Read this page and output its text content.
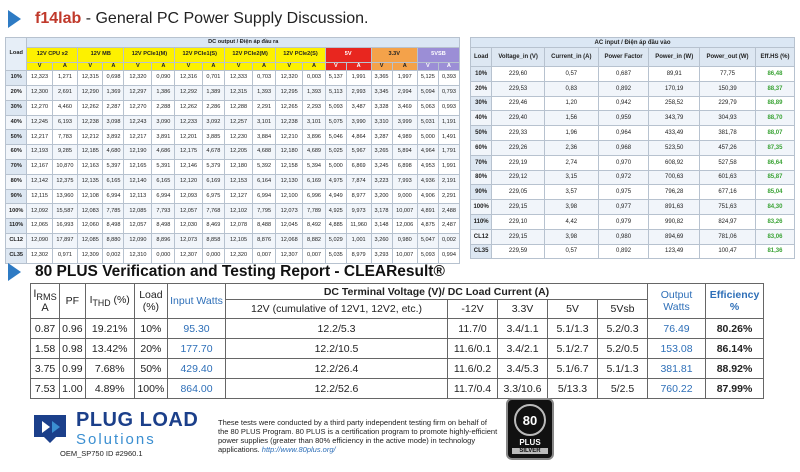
f14lab - General PC Power Supply Discussion.
Load	DC output / Điện áp đầu ra																	
	12V CPU x2		12V MB		12V PCIe1(M)		12V PCIe1(S)		12V PCIe2(M)		12V PCIe2(S)		5V		3.3V		5VSB	
	V	A	V	A	V	A	V	A	V	A	V	A	V	A	V	A	V	A
10%	12,323	1,271	12,315	0,698	12,320	0,090	12,316	0,701	12,333	0,703	12,320	0,003	5,137	1,991	3,365	1,997	5,125	0,393
20%	12,300	2,691	12,290	1,369	12,297	1,386	12,292	1,389	12,315	1,393	12,295	1,393	5,113	2,993	3,345	2,994	5,094	0,793
30%	12,270	4,460	12,262	2,287	12,270	2,288	12,262	2,286	12,288	2,291	12,265	2,293	5,093	3,487	3,328	3,469	5,063	0,993
40%	12,245	6,193	12,238	3,098	12,243	3,090	12,233	3,092	12,257	3,101	12,238	3,101	5,075	3,990	3,310	3,999	5,031	1,191
50%	12,217	7,783	12,212	3,892	12,217	3,891	12,201	3,885	12,230	3,884	12,210	3,896	5,046	4,864	3,287	4,989	5,000	1,491
60%	12,193	9,285	12,185	4,680	12,190	4,686	12,175	4,678	12,205	4,688	12,180	4,689	5,025	5,967	3,265	5,894	4,964	1,791
70%	12,167	10,870	12,163	5,397	12,165	5,391	12,146	5,379	12,180	5,392	12,158	5,394	5,000	6,869	3,245	6,898	4,953	1,991
80%	12,142	12,375	12,135	6,165	12,140	6,165	12,120	6,169	12,153	6,164	12,130	6,169	4,975	7,874	3,223	7,993	4,936	2,191
90%	12,115	13,960	12,108	6,994	12,113	6,994	12,093	6,975	12,127	6,994	12,100	6,996	4,949	8,977	3,200	9,000	4,906	2,291
100%	12,092	15,587	12,083	7,785	12,085	7,793	12,057	7,768	12,102	7,795	12,073	7,789	4,925	9,973	3,178	10,007	4,891	2,488
110%	12,065	16,993	12,060	8,498	12,057	8,498	12,030	8,469	12,078	8,488	12,045	8,492	4,885	11,960	3,148	12,006	4,875	2,487
CL12	12,090	17,897	12,085	8,880	12,090	8,896	12,073	8,858	12,105	8,876	12,068	8,882	5,029	1,001	3,260	0,980	5,047	0,002
CL35	12,302	0,971	12,309	0,002	12,310	0,000	12,307	0,000	12,320	0,007	12,307	0,007	5,035	8,979	3,293	10,007	5,093	0,994
AC input / Điện áp đầu vào						
Load	Voltage_in (V)	Current_in (A)	Power Factor	Power_in (W)	Power_out (W)	Eff.HS (%)
10%	229,60	0,57	0,687	89,91	77,75	86,48
20%	229,53	0,83	0,892	170,19	150,39	88,37
30%	229,46	1,20	0,942	258,52	229,79	88,89
40%	229,40	1,56	0,959	343,79	304,93	88,70
50%	229,33	1,96	0,964	433,49	381,78	88,07
60%	229,26	2,36	0,968	523,50	457,26	87,35
70%	229,19	2,74	0,970	608,92	527,58	86,64
80%	229,12	3,15	0,972	700,63	601,63	85,87
90%	229,05	3,57	0,975	796,28	677,16	85,04
100%	229,15	3,98	0,977	891,63	751,63	84,30
110%	229,10	4,42	0,979	990,82	824,97	83,26
CL12	229,15	3,98	0,980	894,69	781,06	83,06
CL35	229,59	0,57	0,892	123,49	100,47	81,36
80 PLUS Verification and Testing Report - CLEAResult®
$I_{RMS}$
A	PF	$I_{THD}$ (%)	Load
(%)	Input Watts	DC Terminal Voltage (V)/ DC Load Current (A)					Output Watts	Efficiency
%
					12V (cumulative of 12V1, 12V2, etc.)	-12V	3.3V	5V	5Vsb		
0.87	0.96	19.21%	10%	95.30	12.2/5.3	11.7/0	3.4/1.1	5.1/1.3	5.2/0.3	76.49	80.26%
1.58	0.98	13.42%	20%	177.70	12.2/10.5	11.6/0.1	3.4/2.1	5.1/2.7	5.2/0.5	153.08	86.14%
3.75	0.99	7.68%	50%	429.40	12.2/26.4	11.6/0.2	3.4/5.3	5.1/6.7	5.1/1.3	381.81	88.92%
7.53	1.00	4.89%	100%	864.00	12.2/52.6	11.7/0.4	3.3/10.6	5/13.3	5/2.5	760.22	87.99%
PLUG LOAD
Solutions
OEM_SP750 ID #2960.1
These tests were conducted by a third party independent testing firm on behalf of the 80 PLUS Program. 80 PLUS is a certification program to promote highly-efficient power supplies (greater than 80% efficiency in the active mode) in technology applications. http://www.80plus.org/
80
PLUS
SILVER
